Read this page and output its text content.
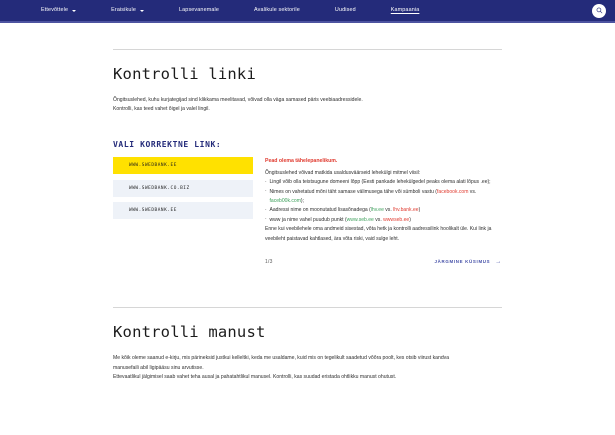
Ettevõttele	Eraisikule	Lapsevanemale	Avalikule sektorile	Uudised	Kampaania
Kontrolli linki

Õngitsuslehed, kuhu kurjategijad sind klikkama meelitavad, võivad olla väga samased päris veebiaadressidele.
Kontrolli, kas teed vahet õigel ja valel lingil.

VALI KORREKTNE LINK:
WWW.SWEDBANK.EE
WWW.SWEDBANK.CO.BIZ
WWW.SWEDBANK.EE
Pead olema tähelepanelikum.

Õngitsuslehed võivad matkida usaldusväärseid lehekülgi mitmel viisil:

· Lingil võib olla teistsugune domeeni lõpp (Eesti pankade lehekülgedel peaks olema alati lõpus .ee);
· Nimes on vahetatud mõni täht samase välimusega tähe või sümboli vastu (facebook.com vs. faceb00k.com);
· Aadressi nime on moonutatud lisasõnadega (lhv.ee vs. lhv.bank.ee)
· www ja nime vahel puudub punkt (www.seb.ee vs. wwwseb.ee)

Enne kui veebilehele oma andmeid sisestad, võta hetk ja kontrolli aadressilink hoolikalt üle. Kui link ja veebileht paistavad kahtlased, ära võta riski, vaid sulge leht.

1/3	JÄRGMINE KÜSIMUS →
Kontrolli manust

Me kõik oleme saanud e-kirju, mis pärineksid justkui kelleltki, keda me usaldame, kuid mis on tegelikult saadetud võõra poolt, kes otsib viirust kandva
manusefaili abil ligipääsu sinu arvutisse.
Ettevaatlikul jälgimisel saab vahet teha ausal ja pahatahtlikul manusel. Kontrolli, kas suudad eristada ohtlikku manust ohutust.
